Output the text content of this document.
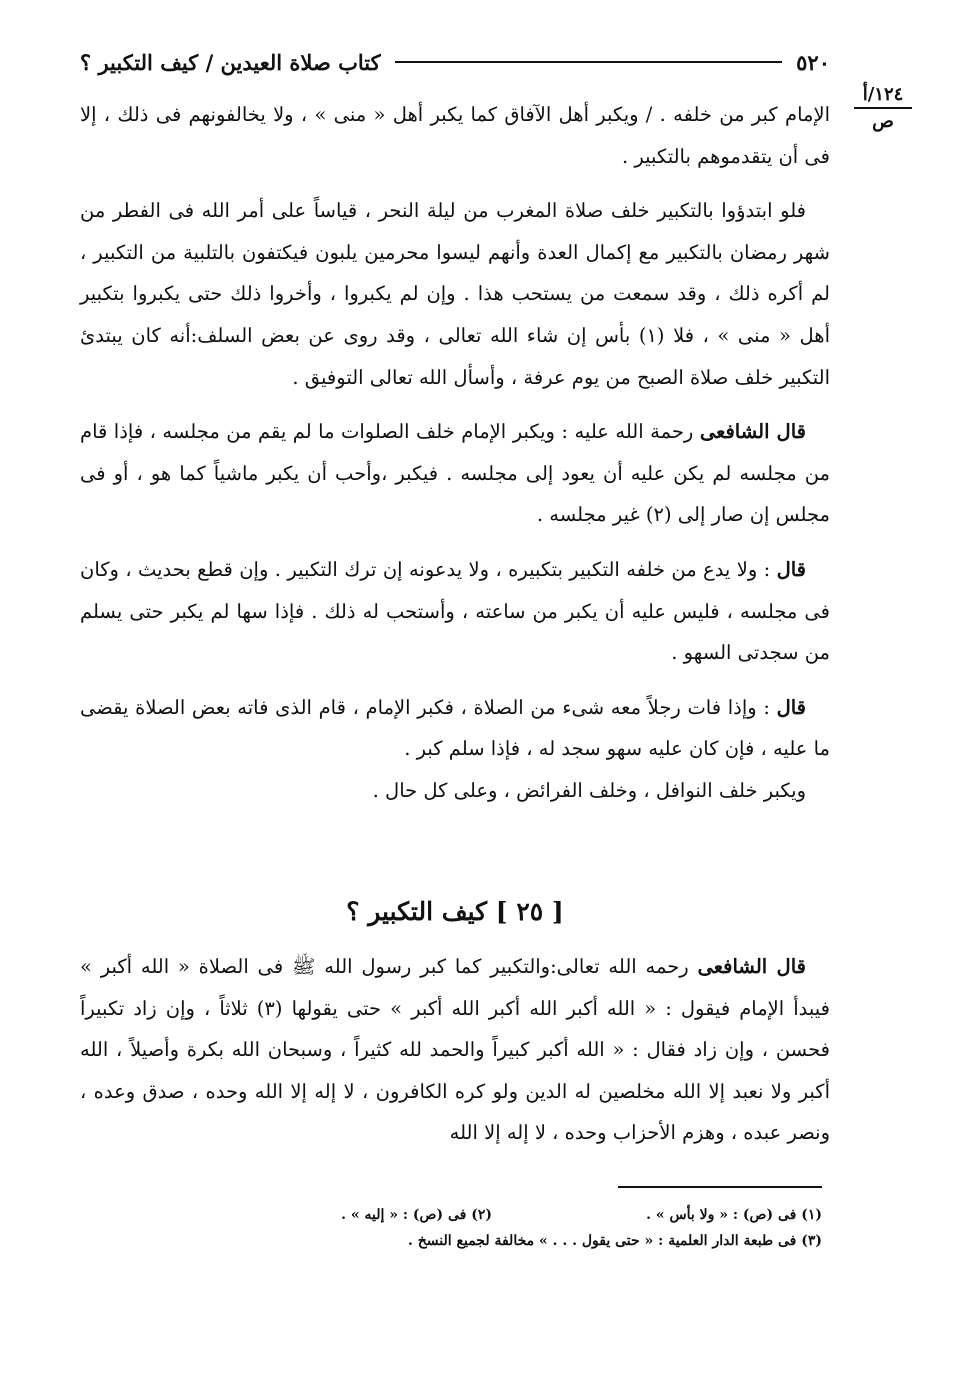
٥٢٠
كتاب صلاة العيدين / كيف التكبير ؟
١٢٤/أ
ص

الإمام كبر من خلفه . / ويكبر أهل الآفاق كما يكبر أهل « منى » ، ولا يخالفونهم فى ذلك ، إلا فى أن يتقدموهم بالتكبير .

فلو ابتدؤوا بالتكبير خلف صلاة المغرب من ليلة النحر ، قياساً على أمر الله فى الفطر من شهر رمضان بالتكبير مع إكمال العدة وأنهم ليسوا محرمين يلبون فيكتفون بالتلبية من التكبير ، لم أكره ذلك ، وقد سمعت من يستحب هذا . وإن لم يكبروا ، وأخروا ذلك حتى يكبروا بتكبير أهل « منى » ، فلا (١) بأس إن شاء الله تعالى ، وقد روى عن بعض السلف:أنه كان يبتدئ التكبير خلف صلاة الصبح من يوم عرفة ، وأسأل الله تعالى التوفيق .

قال الشافعى رحمة الله عليه : ويكبر الإمام خلف الصلوات ما لم يقم من مجلسه ، فإذا قام من مجلسه لم يكن عليه أن يعود إلى مجلسه . فيكبر ،وأحب أن يكبر ماشياً كما هو ، أو فى مجلس إن صار إلى (٢) غير مجلسه .

قال : ولا يدع من خلفه التكبير بتكبيره ، ولا يدعونه إن ترك التكبير . وإن قطع بحديث ، وكان فى مجلسه ، فليس عليه أن يكبر من ساعته ، وأستحب له ذلك . فإذا سها لم يكبر حتى يسلم من سجدتى السهو .

قال : وإذا فات رجلاً معه شىء من الصلاة ، فكبر الإمام ، قام الذى فاته بعض الصلاة يقضى ما عليه ، فإن كان عليه سهو سجد له ، فإذا سلم كبر .

ويكبر خلف النوافل ، وخلف الفرائض ، وعلى كل حال .

[ ٢٥ ] كيف التكبير ؟

قال الشافعى رحمه الله تعالى:والتكبير كما كبر رسول الله ﷺ فى الصلاة « الله أكبر » فيبدأ الإمام فيقول : « الله أكبر الله أكبر الله أكبر » حتى يقولها (٣) ثلاثاً ، وإن زاد تكبيراً فحسن ، وإن زاد فقال : « الله أكبر كبيراً والحمد لله كثيراً ، وسبحان الله بكرة وأصيلاً ، الله أكبر ولا نعبد إلا الله مخلصين له الدين ولو كره الكافرون ، لا إله إلا الله وحده ، صدق وعده ، ونصر عبده ، وهزم الأحزاب وحده ، لا إله إلا الله

(١) فى (ص) : « ولا بأس » .
(٢) فى (ص) : « إليه » .
(٣) فى طبعة الدار العلمية : « حتى يقول . . . » مخالفة لجميع النسخ .
